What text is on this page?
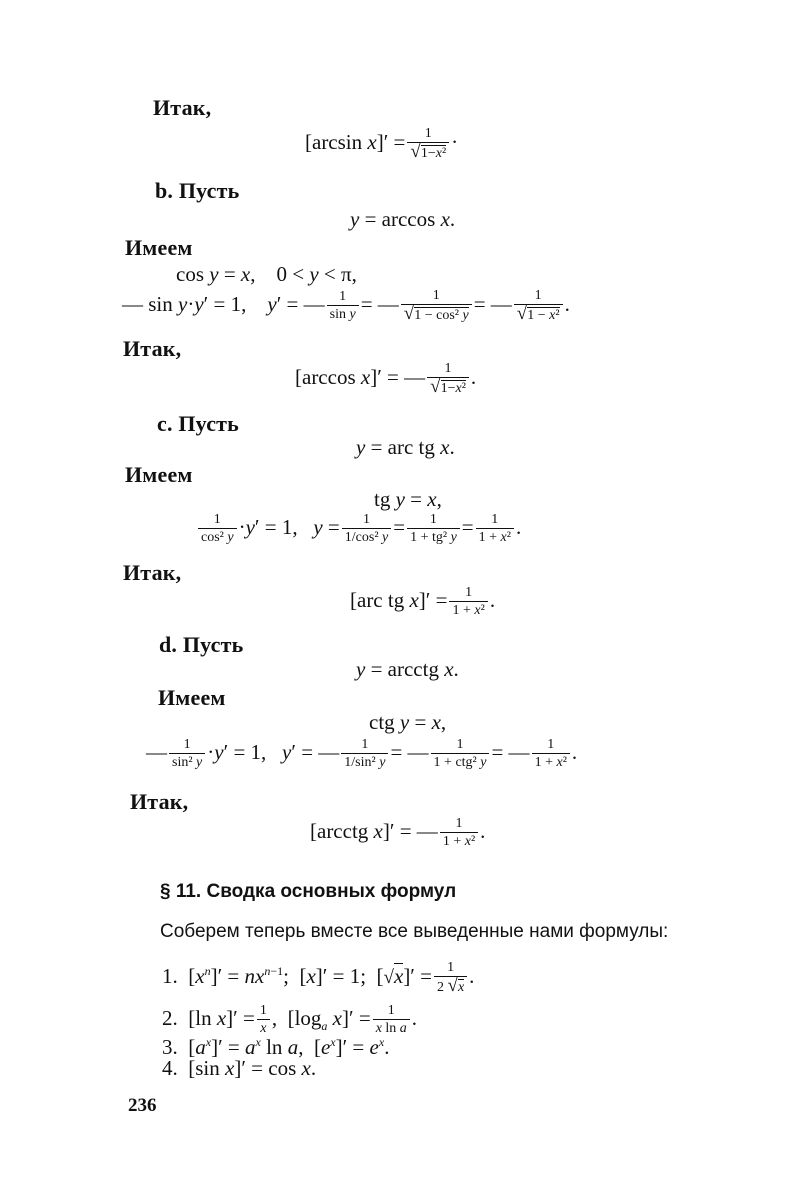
Итак,
[arcsin $x]' = \frac{1}{\text{√1−x²}}$ ·
b. Пусть
y = arccos x.
Имеем
cos y = x,    0 < y < π,
— sin y·y′ = 1,    y′ = — $\frac{1}{\text{sin y}}$ = — $\frac{1}{\text{√1 − cos² y}}$ = — $\frac{1}{\text{√1 − x²}}$ .
Итак,
[arccos x]′ = — $\frac{1}{\text{√1−x²}}$ .
c. Пусть
y = arc tg x.
Имеем
tg y = x,
$\frac{1}{\text{cos² y}} \cdot y' = 1$,   $y = \frac{1}{\text{1/cos² y}} = \frac{1}{\text{1 + tg² y}} = \frac{1}{\text{1 + x²}}$ .
Итак,
[arc tg $x]' = \frac{1}{\text{1 + x²}}$ .
d. Пусть
y = arcctg x.
Имеем
ctg y = x,
— $\frac{1}{\text{sin² y}} \cdot y' = 1$,   y′ = — $\frac{1}{\text{1/sin² y}}$ = — $\frac{1}{\text{1 + ctg² y}}$ = — $\frac{1}{\text{1 + x²}}$ .
Итак,
[arcctg x]′ = — $\frac{1}{\text{1 + x²}}$ .
§ 11. Сводка основных формул
Соберем теперь вместе все выведенные нами формулы:
1.  $[x^n]' = nx^{n-1}$;  [x]′ = 1;  $[√x]' = \frac{1}{2 √x}$ .
2.  [ln $x]' = \frac{1}{x}$ ,  [$\log_a$ $x]' = \frac{1}{\text{x ln a}}$ .
3.  $[a^x]' = a^x$ ln a,  $[e^x]' = e^x$.
4.  [sin x]′ = cos x.
236
